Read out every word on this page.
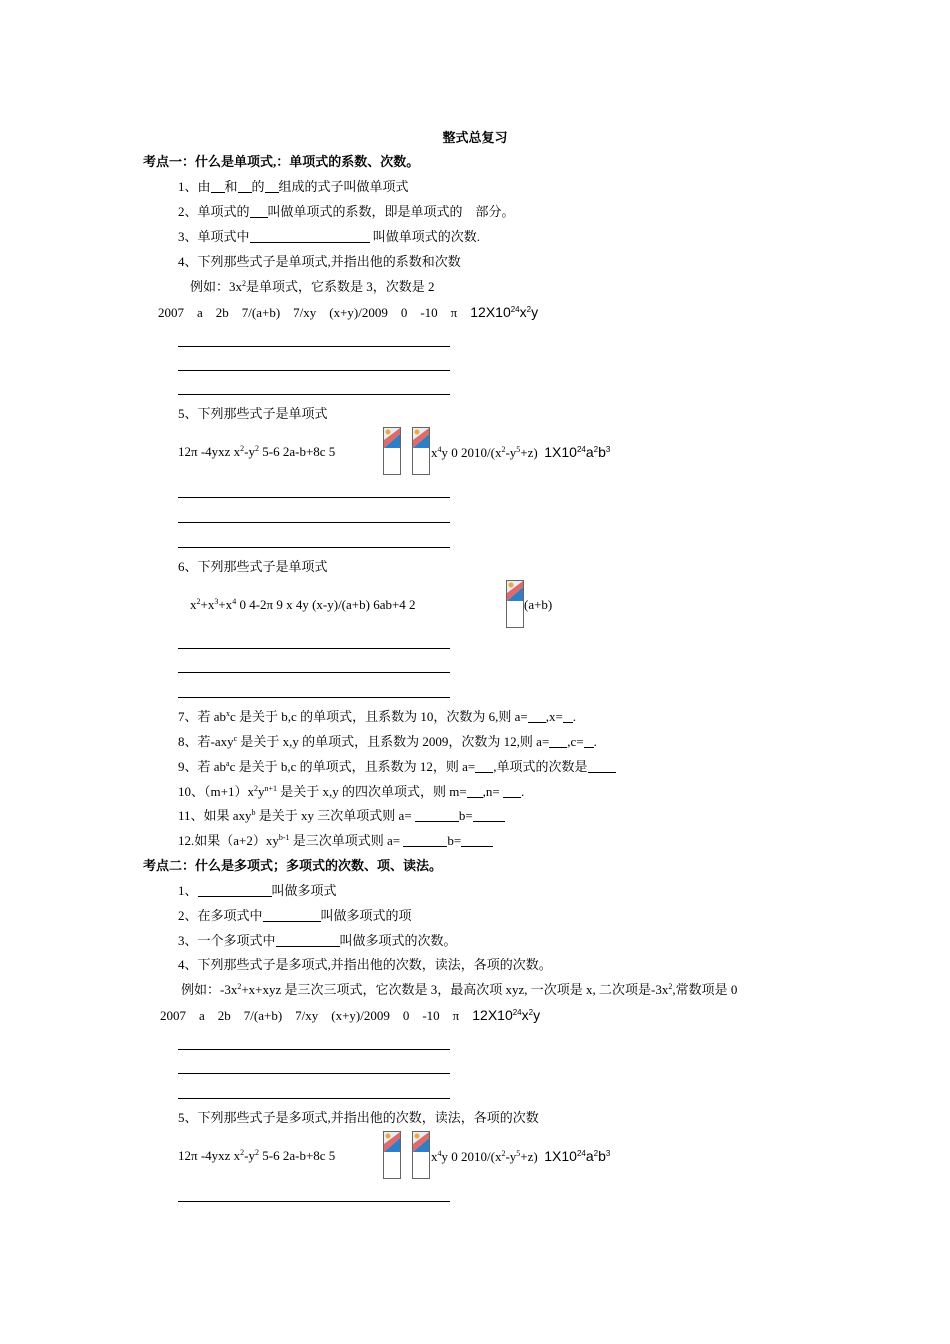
整式总复习
考点一：什么是单项式,：单项式的系数、次数。
1、由 和 的 组成的式子叫做单项式
2、单项式的 叫做单项式的系数，即是单项式的　部分。
3、单项式中	叫做单项式的次数.
4、下列那些式子是单项式,并指出他的系数和次数
例如：$3x^2$是单项式，它系数是 3，次数是 2
2007　a　2b　7/(a+b)　7/xy　(x+y)/2009　0　-10　π $12X10^{24}x^2y$
5、下列那些式子是单项式
12π -4yxz $x^2-y^2$ 5-6 2a-b+8c 5	$x^4y$ 0 $2010/(x^2-y^5+z)$ $1X10^{24}a^2b^3$
6、下列那些式子是单项式
$x^2+x^3+x^4$ 0 4-2π 9 x 4y (x-y)/(a+b) 6ab+4 2	(a+b)
7、若 $ab^xc$ 是关于 b,c 的单项式，且系数为 10，次数为 6,则 a= ,x= .
8、若-axy$^c$ 是关于 x,y 的单项式，且系数为 2009，次数为 12,则 a= ,c= .
9、若 $ab^ac$ 是关于 b,c 的单项式，且系数为 12，则 a= ,单项式的次数是
10、$(m+1)x^2y^{n+1}$ 是关于 x,y 的四次单项式，则 m= ,n= .
11、如果 axy$^b$ 是关于 xy 三次单项式则 a=	b=
12.如果$(a+2)xy^{b-1}$ 是三次单项式则 a=	b=
考点二：什么是多项式；多项式的次数、项、读法。
1、	叫做多项式
2、在多项式中	叫做多项式的项
3、一个多项式中	叫做多项式的次数。
4、下列那些式子是多项式,并指出他的次数，读法，各项的次数。
例如：$-3x^2+x+xyz$ 是三次三项式，它次数是 3，最高次项 xyz, 一次项是 x, 二次项是$-3x^2$,常数项是 0
2007　a　2b　7/(a+b)　7/xy　(x+y)/2009　0　-10　π $12X10^{24}x^2y$
5、下列那些式子是多项式,并指出他的次数，读法，各项的次数
12π -4yxz $x^2-y^2$ 5-6 2a-b+8c 5	$x^4y$ 0 $2010/(x^2-y^5+z)$ $1X10^{24}a^2b^3$
